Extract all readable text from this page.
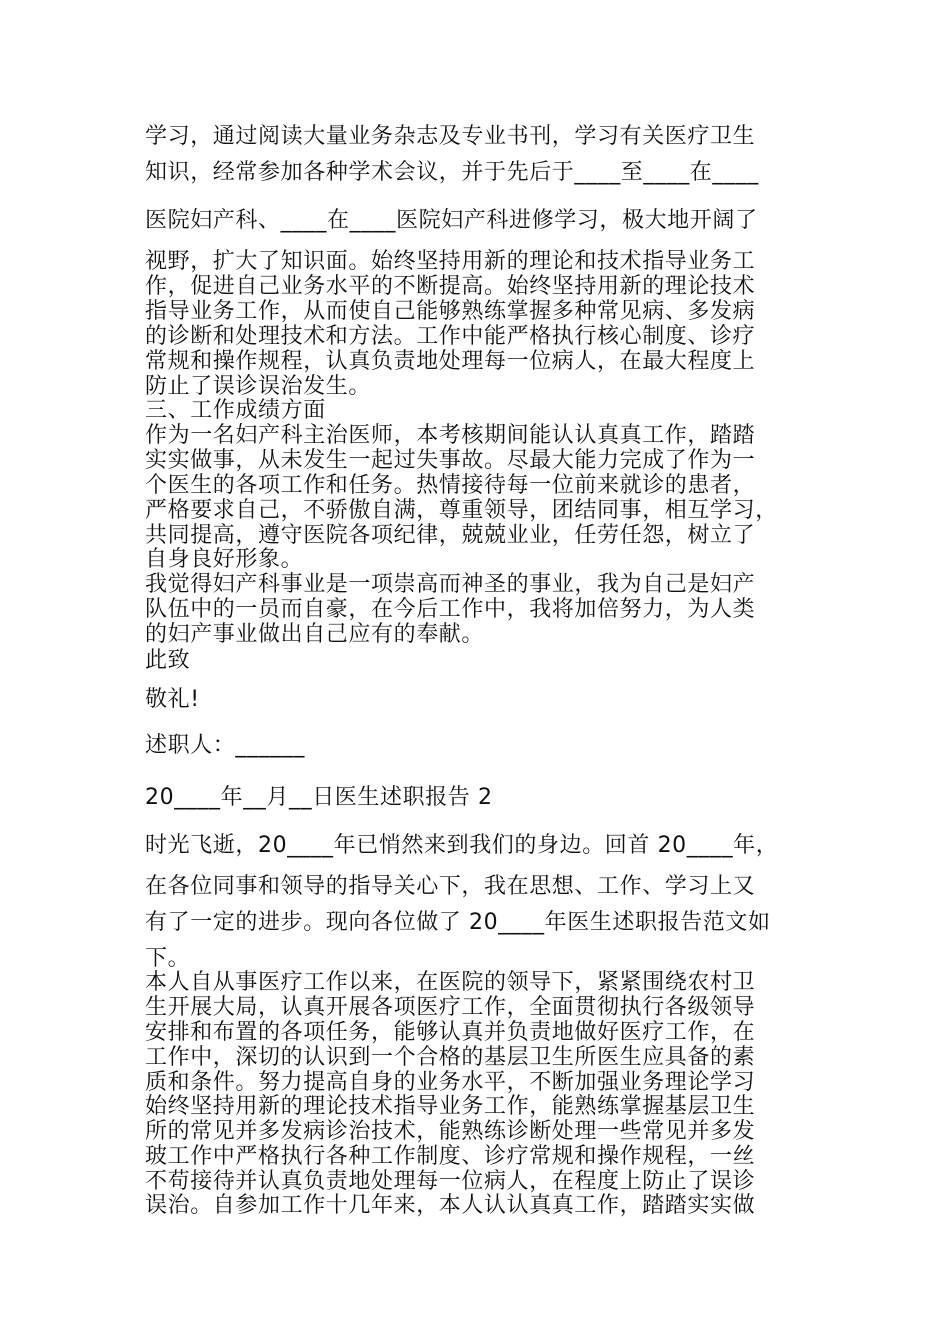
学习，通过阅读大量业务杂志及专业书刊，学习有关医疗卫生
知识，经常参加各种学术会议，并于先后于____至____在____
医院妇产科、____在____医院妇产科进修学习，极大地开阔了
视野，扩大了知识面。始终坚持用新的理论和技术指导业务工
作，促进自己业务水平的不断提高。始终坚持用新的理论技术
指导业务工作，从而使自己能够熟练掌握多种常见病、多发病
的诊断和处理技术和方法。工作中能严格执行核心制度、诊疗
常规和操作规程，认真负责地处理每一位病人，在最大程度上
防止了误诊误治发生。
三、工作成绩方面
作为一名妇产科主治医师，本考核期间能认认真真工作，踏踏
实实做事，从未发生一起过失事故。尽最大能力完成了作为一
个医生的各项工作和任务。热情接待每一位前来就诊的患者，
严格要求自己，不骄傲自满，尊重领导，团结同事，相互学习，
共同提高，遵守医院各项纪律，兢兢业业，任劳任怨，树立了
自身良好形象。
我觉得妇产科事业是一项崇高而神圣的事业，我为自己是妇产
队伍中的一员而自豪，在今后工作中，我将加倍努力，为人类
的妇产事业做出自己应有的奉献。
此致
敬礼!
述职人：______
20____年__月__日医生述职报告 2
时光飞逝，20____年已悄然来到我们的身边。回首 20____年，
在各位同事和领导的指导关心下，我在思想、工作、学习上又
有了一定的进步。现向各位做了 20____年医生述职报告范文如
下。
本人自从事医疗工作以来，在医院的领导下，紧紧围绕农村卫
生开展大局，认真开展各项医疗工作，全面贯彻执行各级领导
安排和布置的各项任务，能够认真并负责地做好医疗工作，在
工作中，深切的认识到一个合格的基层卫生所医生应具备的素
质和条件。努力提高自身的业务水平，不断加强业务理论学习
始终坚持用新的理论技术指导业务工作，能熟练掌握基层卫生
所的常见并多发病诊治技术，能熟练诊断处理一些常见并多发
玻工作中严格执行各种工作制度、诊疗常规和操作规程，一丝
不苟接待并认真负责地处理每一位病人，在程度上防止了误诊
误治。自参加工作十几年来，本人认认真真工作，踏踏实实做
